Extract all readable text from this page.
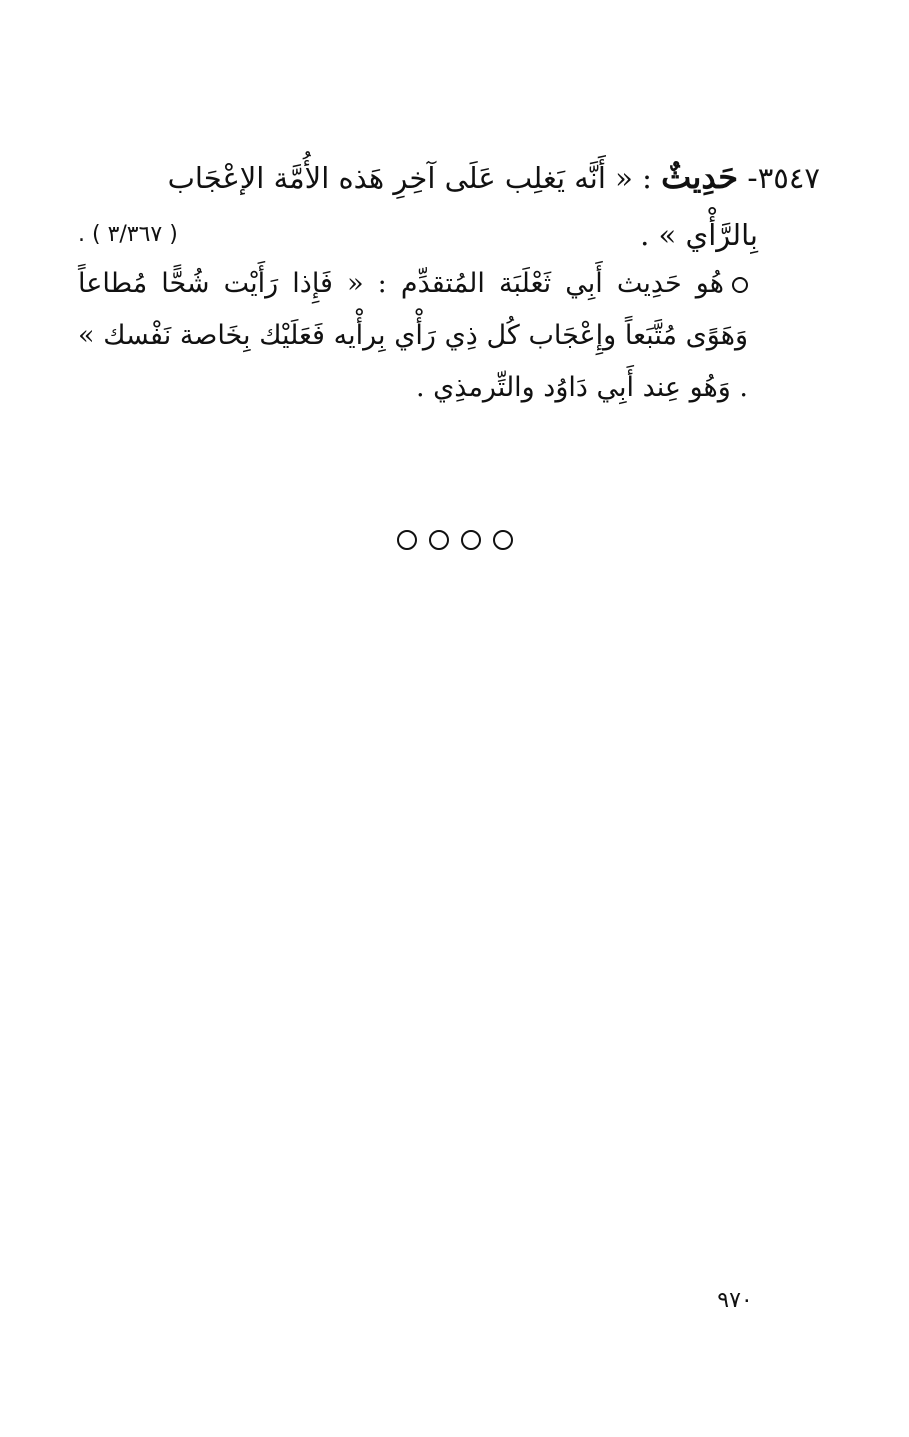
٣٥٤٧- حَدِيثٌ : « أَنَّه يَغلِب عَلَى آخِرِ هَذه الأُمَّة الإعْجَاب
بِالرَّأْي » .
( ٣/٣٦٧ ) .
هُو حَدِيث أَبِي ثَعْلَبَة المُتقدِّم : « فَإِذا رَأَيْت شُحًّا مُطاعاً وَهَوًى مُتَّبَعاً وإِعْجَاب كُل ذِي رَأْي بِرأْيه فَعَلَيْك بِخَاصة نَفْسك » . وَهُو عِند أَبِي دَاوُد والتِّرمذِي .
٩٧٠
